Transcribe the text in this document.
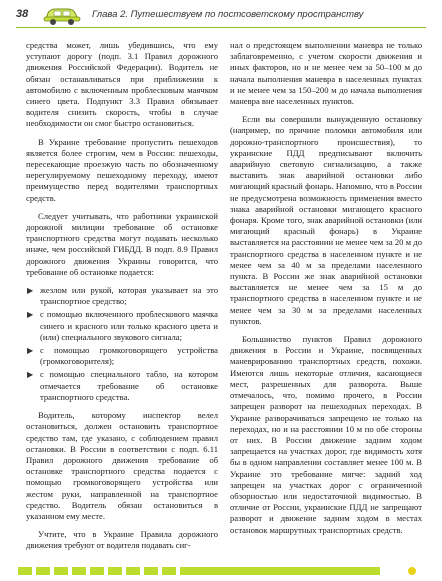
38	Глава 2. Путешествуем по постсоветскому пространству

средства может, лишь убедившись, что ему уступают дорогу (подп. 3.1 Правил дорожного движения Российской Федерации). Водитель не обязан останавливаться при приближении к автомобилю с включенным проблесковым маячком синего цвета. Подпункт 3.3 Правил обязывает водителя снизить скорость, чтобы в случае необходимости он смог быстро остановиться.

В Украине требование пропустить пешеходов является более строгим, чем в России: пешеходы, пересекающие проезжую часть по обозначенному нерегулируемому пешеходному переходу, имеют преимущество перед водителями транспортных средств.

Следует учитывать, что работники украинской дорожной милиции требование об остановке транспортного средства могут подавать несколько иначе, чем российской ГИБДД. В подп. 8.9 Правил дорожного движения Украины говорится, что требование об остановке подается:

▶ жезлом или рукой, которая указывает на это транспортное средство;
▶ с помощью включенного проблескового маячка синего и красного или только красного цвета и (или) специального звукового сигнала;
▶ с помощью громкоговорящего устройства (громкоговорителя);
▶ с помощью специального табло, на котором отмечается требование об остановке транспортного средства.

Водитель, которому инспектор велел остановиться, должен остановить транспортное средство там, где указано, с соблюдением правил остановки. В России в соответствии с подп. 6.11 Правил дорожного движения требование об остановке транспортного средства подается с помощью громкоговорящего устройства или жестом руки, направленной на транспортное средство. Водитель обязан остановиться в указанном ему месте.

Учтите, что в Украине Правила дорожного движения требуют от водителя подавать сиг-

нал о предстоящем выполнении маневра не только заблаговременно, с учетом скорости движения и иных факторов, но и не менее чем за 50–100 м до начала выполнения маневра в населенных пунктах и не менее чем за 150–200 м до начала выполнения маневра вне населенных пунктов.

Если вы совершили вынужденную остановку (например, по причине поломки автомобиля или дорожно-транспортного происшествия), то украинские ПДД предписывают включить аварийную световую сигнализацию, а также выставить знак аварийной остановки либо мигающий красный фонарь. Напомню, что в России не предусмотрена возможность применения вместо знака аварийной остановки мигающего красного фонаря. Кроме того, знак аварийной остановки (или мигающий красный фонарь) в Украине выставляется на расстоянии не менее чем за 20 м до транспортного средства в населенном пункте и не менее чем за 40 м за пределами населенного пункта. В России же знак аварийной остановки выставляется не менее чем за 15 м до транспортного средства в населенном пункте и не менее чем за 30 м за пределами населенных пунктов.

Большинство пунктов Правил дорожного движения в России и Украине, посвященных маневрированию транспортных средств, похожи. Имеются лишь некоторые отличия, касающиеся мест, разрешенных для разворота. Выше отмечалось, что, помимо прочего, в России запрещен разворот на пешеходных переходах. В Украине разворачиваться запрещено не только на переходах, но и на расстоянии 10 м по обе стороны от них. В России движение задним ходом запрещается на участках дорог, где видимость хотя бы в одном направлении составляет менее 100 м. В Украине это требование мягче: задний ход запрещен на участках дорог с ограниченной обзорностью или недостаточной видимостью. В отличие от России, украинские ПДД не запрещают разворот и движение задним ходом в местах остановок маршрутных транспортных средств.
